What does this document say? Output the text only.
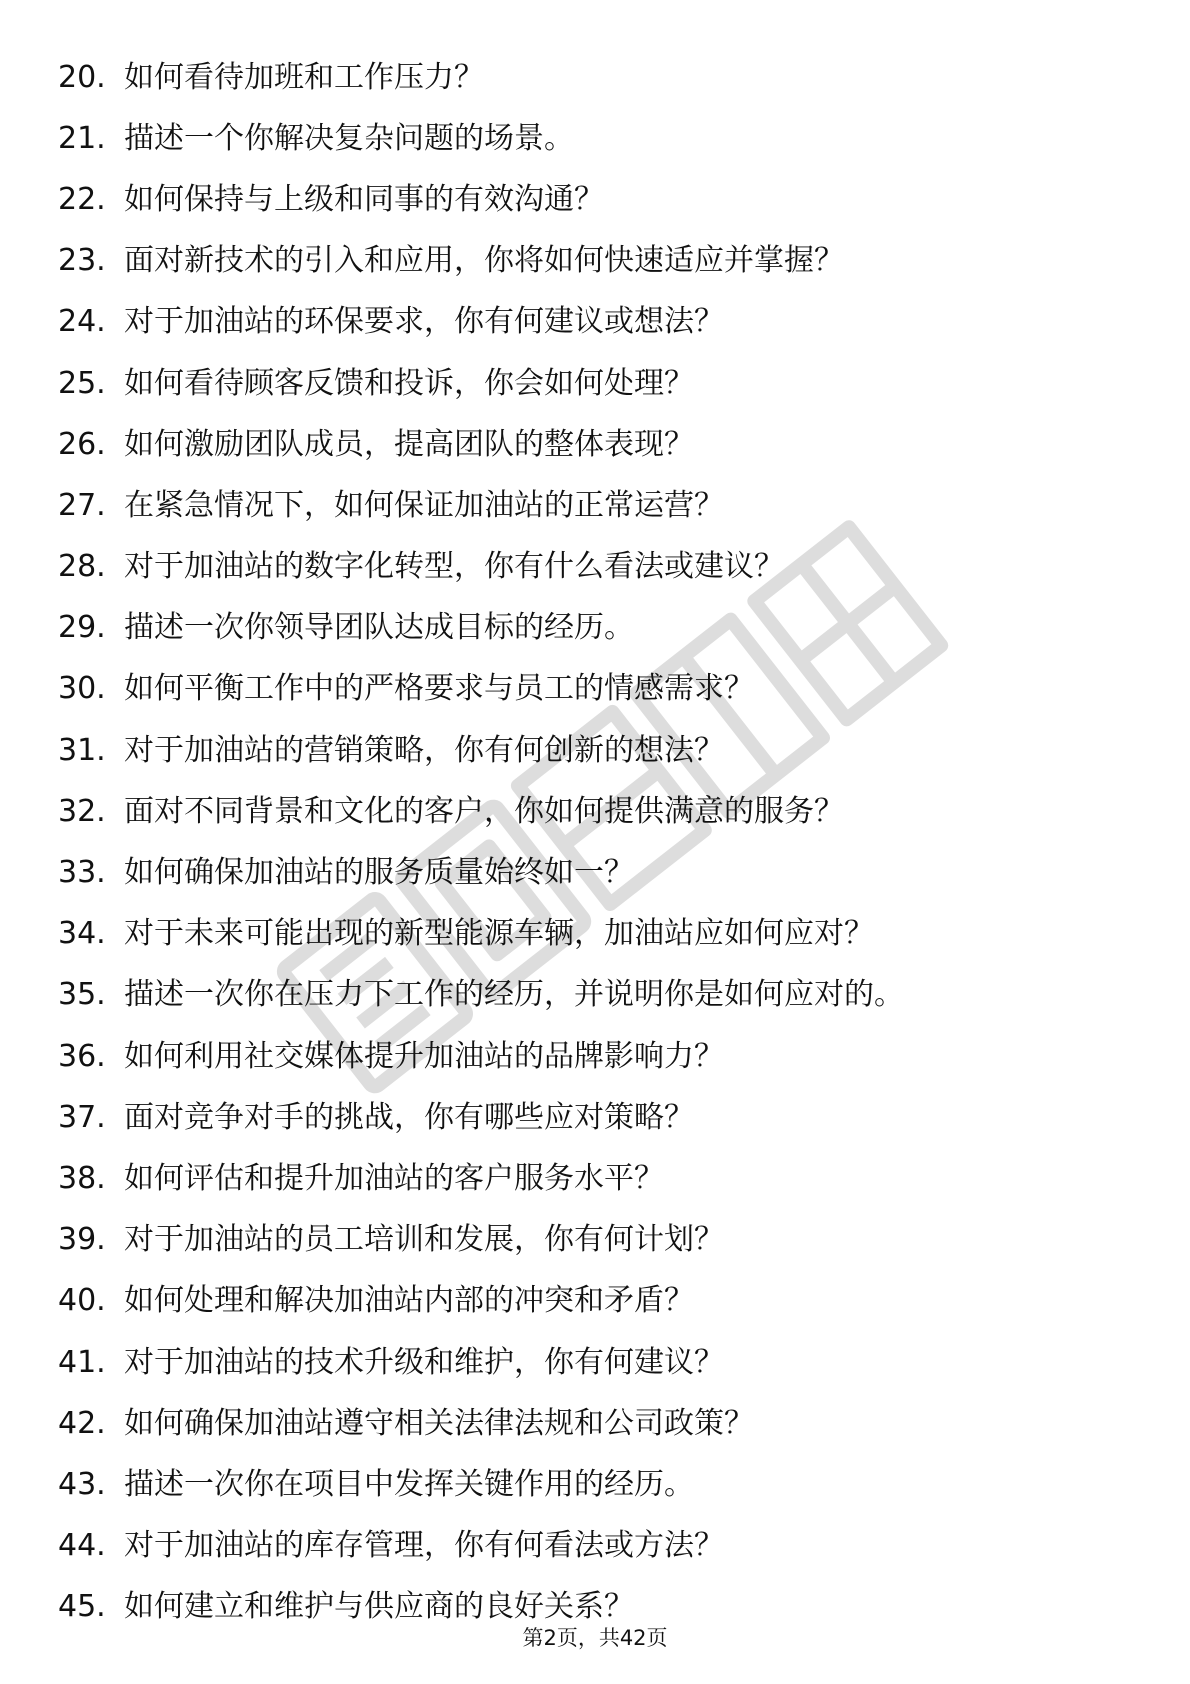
20. 如何看待加班和工作压力？
21. 描述一个你解决复杂问题的场景。
22. 如何保持与上级和同事的有效沟通？
23. 面对新技术的引入和应用，你将如何快速适应并掌握？
24. 对于加油站的环保要求，你有何建议或想法？
25. 如何看待顾客反馈和投诉，你会如何处理？
26. 如何激励团队成员，提高团队的整体表现？
27. 在紧急情况下，如何保证加油站的正常运营？
28. 对于加油站的数字化转型，你有什么看法或建议？
29. 描述一次你领导团队达成目标的经历。
30. 如何平衡工作中的严格要求与员工的情感需求？
31. 对于加油站的营销策略，你有何创新的想法？
32. 面对不同背景和文化的客户，你如何提供满意的服务？
33. 如何确保加油站的服务质量始终如一？
34. 对于未来可能出现的新型能源车辆，加油站应如何应对？
35. 描述一次你在压力下工作的经历，并说明你是如何应对的。
36. 如何利用社交媒体提升加油站的品牌影响力？
37. 面对竞争对手的挑战，你有哪些应对策略？
38. 如何评估和提升加油站的客户服务水平？
39. 对于加油站的员工培训和发展，你有何计划？
40. 如何处理和解决加油站内部的冲突和矛盾？
41. 对于加油站的技术升级和维护，你有何建议？
42. 如何确保加油站遵守相关法律法规和公司政策？
43. 描述一次你在项目中发挥关键作用的经历。
44. 对于加油站的库存管理，你有何看法或方法？
45. 如何建立和维护与供应商的良好关系？
第2页，共42页
